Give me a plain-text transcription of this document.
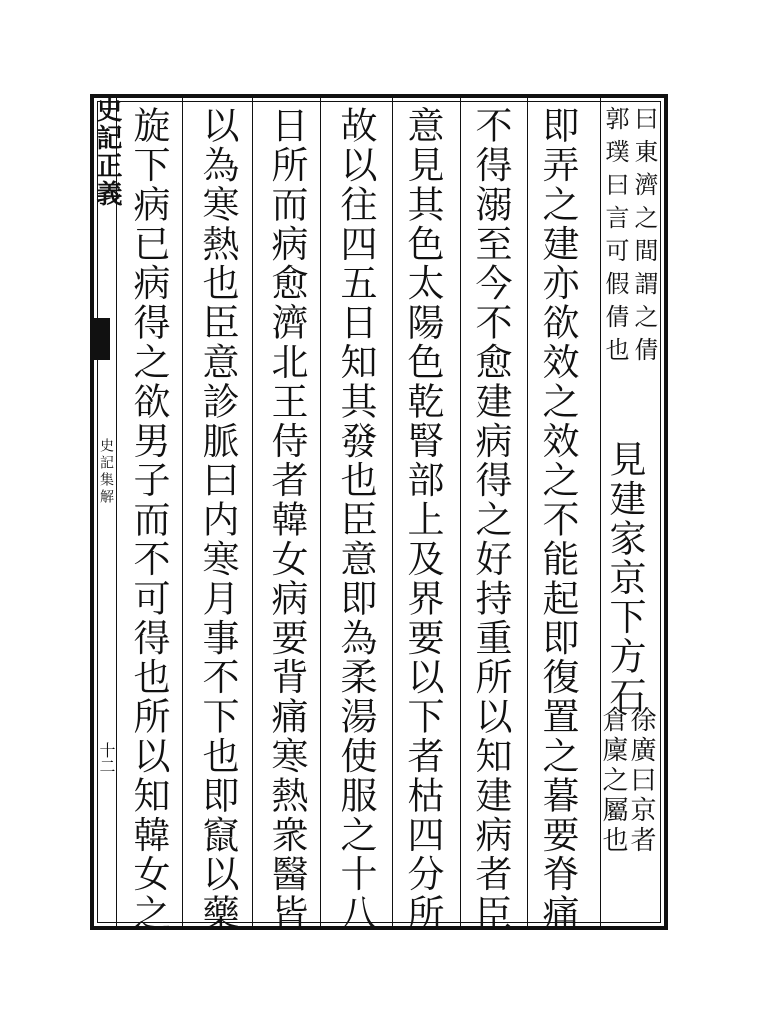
史記正義
史記集解
十二
曰東濟之間謂之倩
郭璞曰言可假倩也
見建家京下方石
徐廣曰京者
倉廩之屬也
即弄之建亦欲效之效之不能起即復置之暮要脊痛
不得溺至今不愈建病得之好持重所以知建病者臣
意見其色太陽色乾腎部上及界要以下者枯四分所
故以往四五日知其發也臣意即為柔湯使服之十八
日所而病愈濟北王侍者韓女病要背痛寒熱衆醫皆
以為寒熱也臣意診脈曰内寒月事不下也即竄以藥
旋下病已病得之欲男子而不可得也所以知韓女之
